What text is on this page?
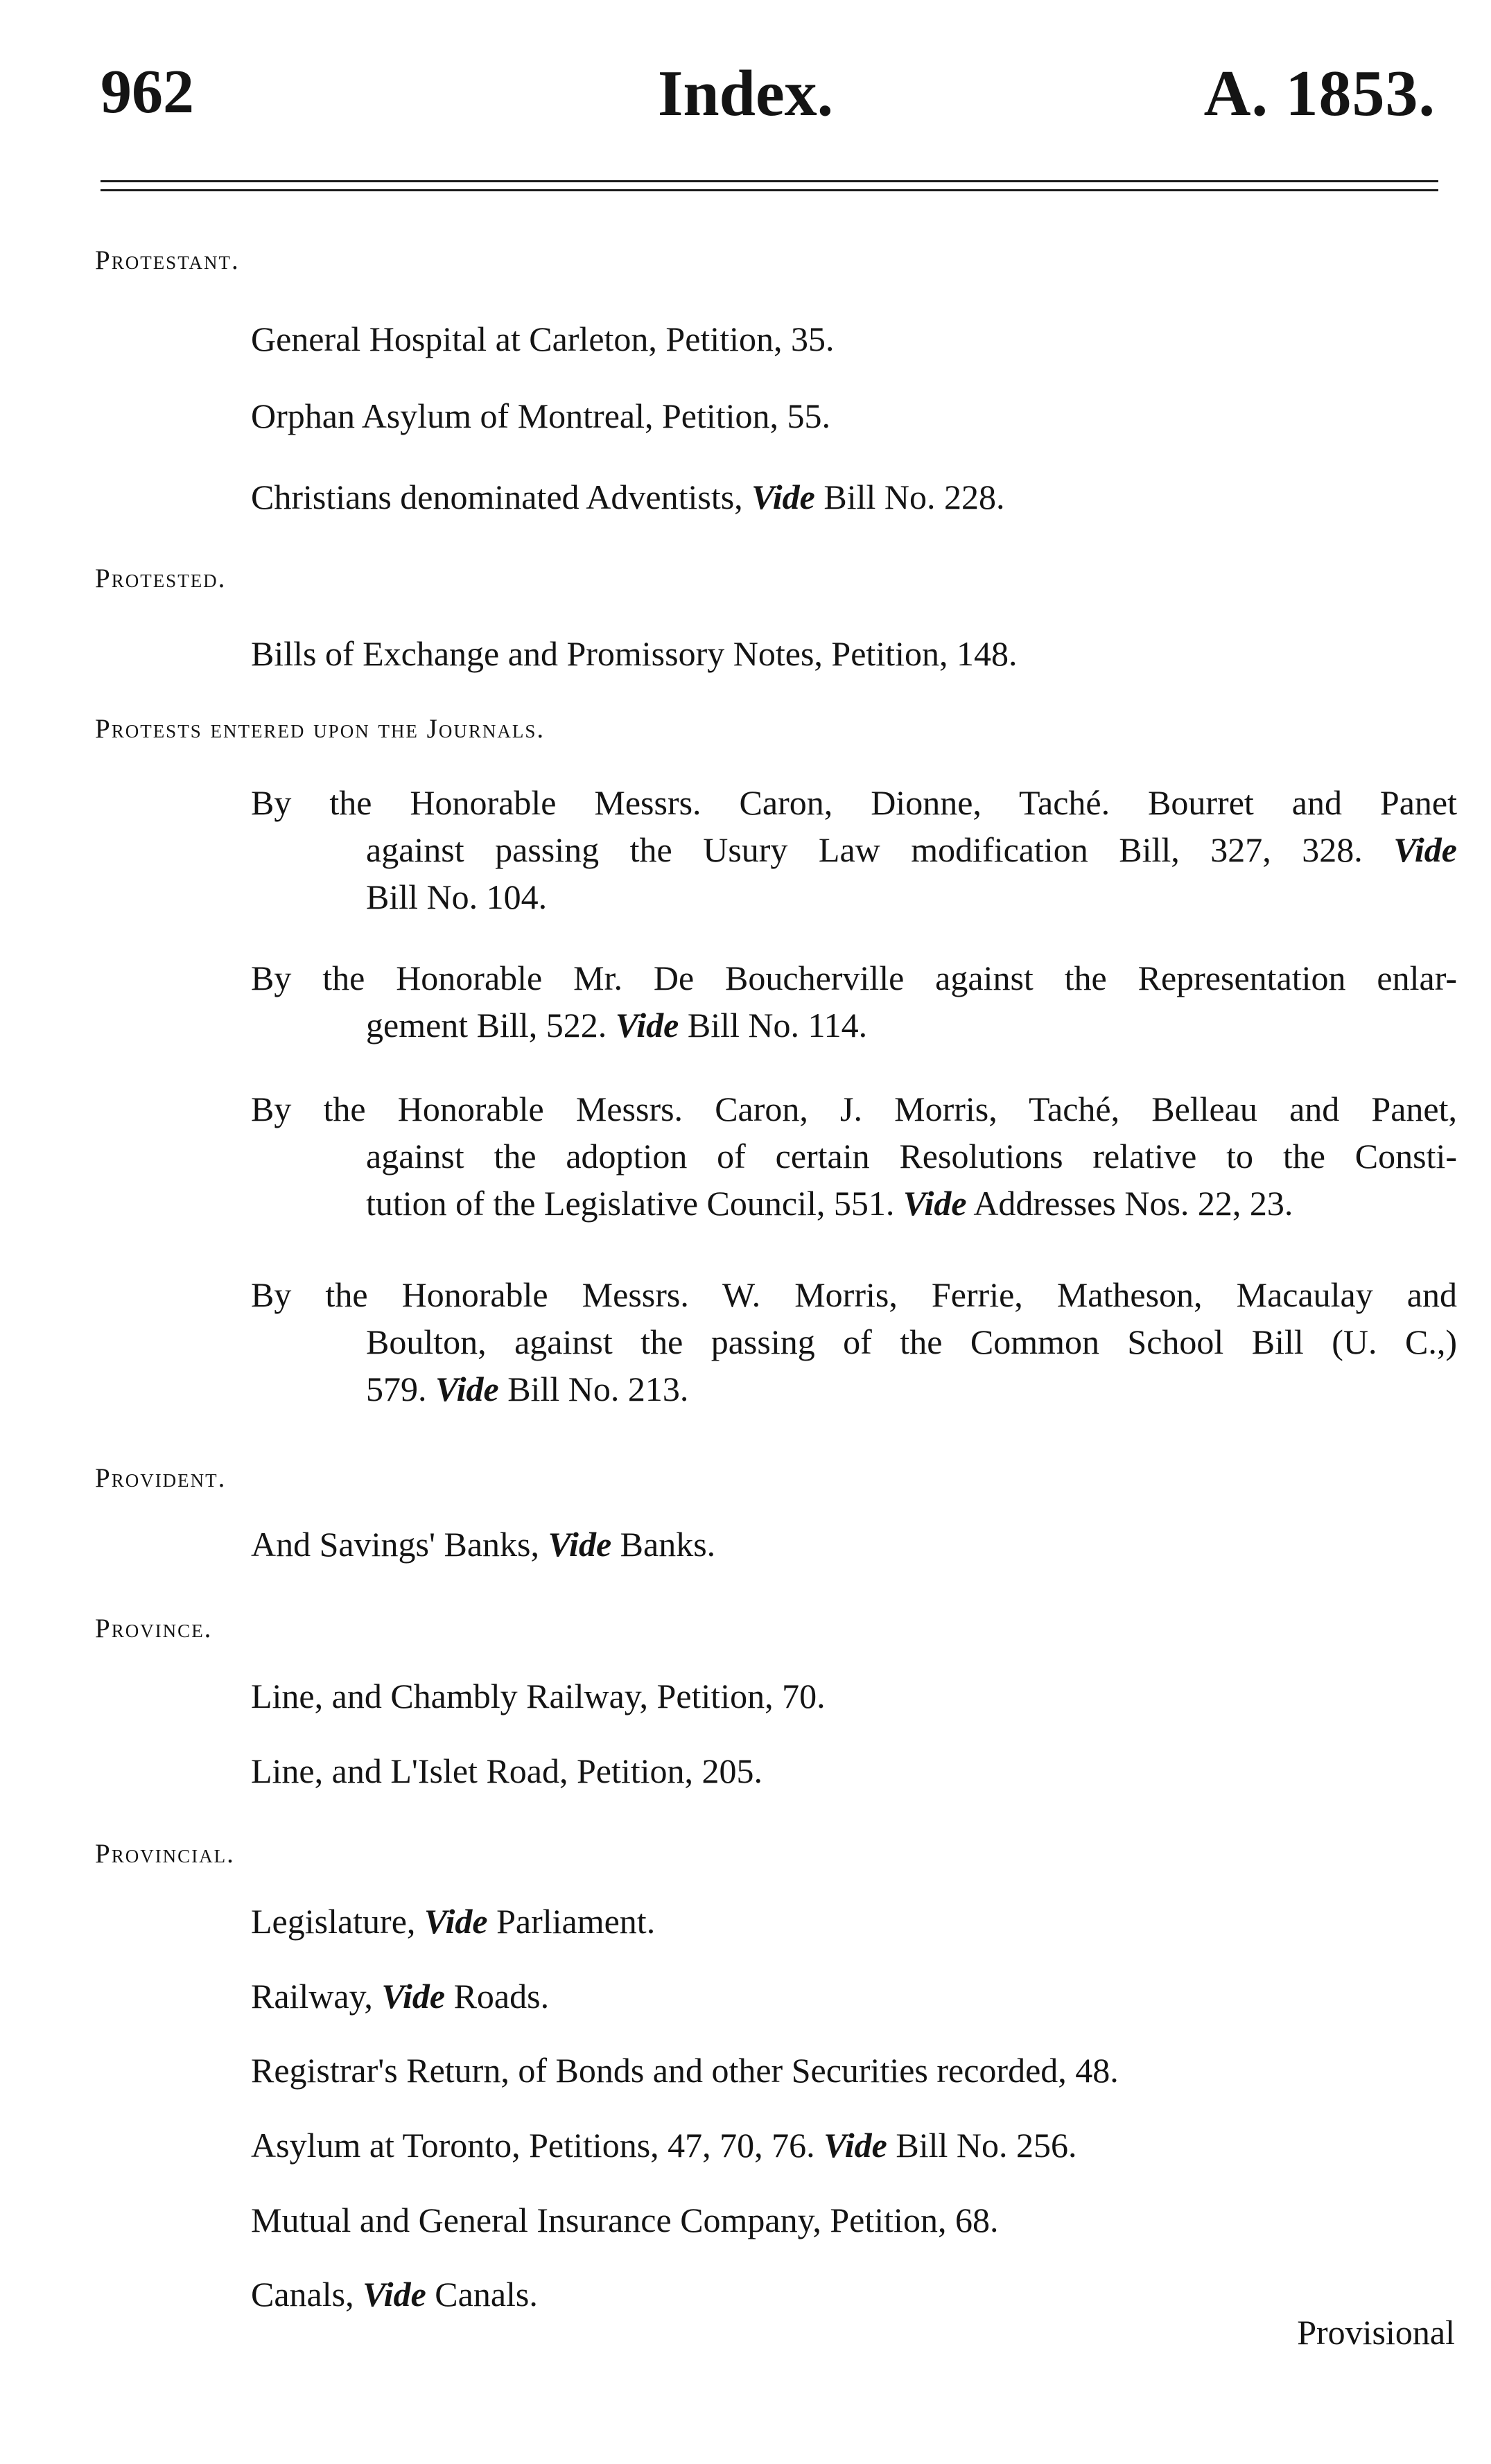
962	Index.	A. 1853.
Protestant.
General Hospital at Carleton, Petition, 35.
Orphan Asylum of Montreal, Petition, 55.
Christians denominated Adventists, Vide Bill No. 228.
Protested.
Bills of Exchange and Promissory Notes, Petition, 148.
Protests entered upon the Journals.
By the Honorable Messrs. Caron, Dionne, Taché. Bourret and Panet
against passing the Usury Law modification Bill, 327, 328. Vide
Bill No. 104.
By the Honorable Mr. De Boucherville against the Representation enlar-
gement Bill, 522. Vide Bill No. 114.
By the Honorable Messrs. Caron, J. Morris, Taché, Belleau and Panet,
against the adoption of certain Resolutions relative to the Consti-
tution of the Legislative Council, 551. Vide Addresses Nos. 22, 23.
By the Honorable Messrs. W. Morris, Ferrie, Matheson, Macaulay and
Boulton, against the passing of the Common School Bill (U. C.,)
579. Vide Bill No. 213.
Provident.
And Savings' Banks, Vide Banks.
Province.
Line, and Chambly Railway, Petition, 70.
Line, and L'Islet Road, Petition, 205.
Provincial.
Legislature, Vide Parliament.
Railway, Vide Roads.
Registrar's Return, of Bonds and other Securities recorded, 48.
Asylum at Toronto, Petitions, 47, 70, 76. Vide Bill No. 256.
Mutual and General Insurance Company, Petition, 68.
Canals, Vide Canals.
Provisional
